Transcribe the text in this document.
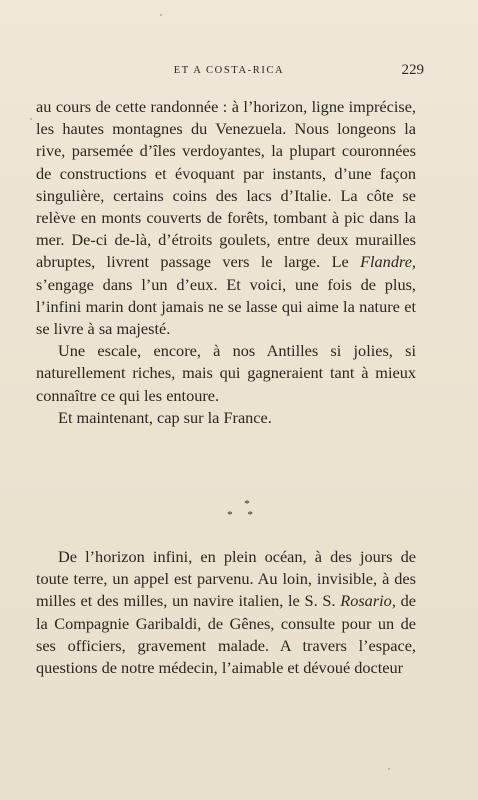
ET A COSTA-RICA	229

au cours de cette randonnée : à l’horizon, ligne imprécise, les hautes montagnes du Venezuela. Nous longeons la rive, parsemée d’îles verdoyantes, la plupart couronnées de constructions et évoquant par instants, d’une façon singulière, certains coins des lacs d’Italie. La côte se relève en monts couverts de forêts, tombant à pic dans la mer. De-ci de-là, d’étroits goulets, entre deux murailles abruptes, livrent passage vers le large. Le Flandre, s’engage dans l’un d’eux. Et voici, une fois de plus, l’infini marin dont jamais ne se lasse qui aime la nature et se livre à sa majesté.

Une escale, encore, à nos Antilles si jolies, si naturellement riches, mais qui gagneraient tant à mieux connaître ce qui les entoure.

Et maintenant, cap sur la France.

*
* *

De l’horizon infini, en plein océan, à des jours de toute terre, un appel est parvenu. Au loin, invisible, à des milles et des milles, un navire italien, le S. S. Rosario, de la Compagnie Garibaldi, de Gênes, consulte pour un de ses officiers, gravement malade. A travers l’espace, questions de notre médecin, l’aimable et dévoué docteur
